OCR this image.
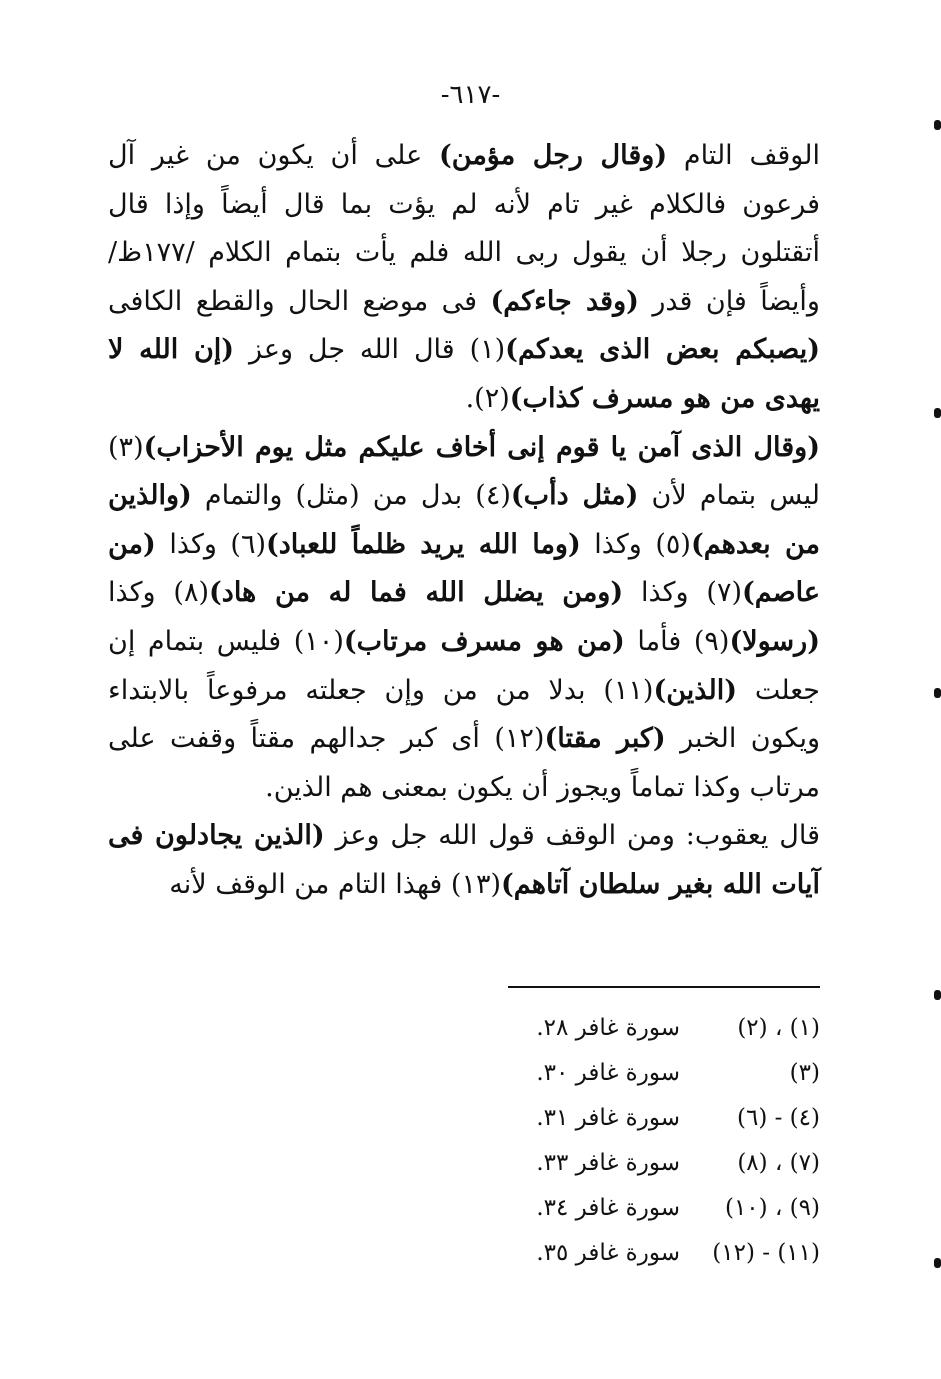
-٦١٧-

الوقف التام (وقال رجل مؤمن) على أن يكون من غير آل فرعون فالكلام غير تام لأنه لم يؤت بما قال أيضاً وإذا قال أتقتلون رجلا أن يقول ربى الله فلم يأت بتمام الكلام /١٧٧ظ/ وأيضاً فإن قدر (وقد جاءكم) فى موضع الحال والقطع الكافى (يصبكم بعض الذى يعدكم)(١) قال الله جل وعز (إن الله لا يهدى من هو مسرف كذاب)(٢).

(وقال الذى آمن يا قوم إنى أخاف عليكم مثل يوم الأحزاب)(٣) ليس بتمام لأن (مثل دأب)(٤) بدل من (مثل) والتمام (والذين من بعدهم)(٥) وكذا (وما الله يريد ظلماً للعباد)(٦) وكذا (من عاصم)(٧) وكذا (ومن يضلل الله فما له من هاد)(٨) وكذا (رسولا)(٩) فأما (من هو مسرف مرتاب)(١٠) فليس بتمام إن جعلت (الذين)(١١) بدلا من من وإن جعلته مرفوعاً بالابتداء ويكون الخبر (كبر مقتا)(١٢) أى كبر جدالهم مقتاً وقفت على مرتاب وكذا تماماً ويجوز أن يكون بمعنى هم الذين.

قال يعقوب: ومن الوقف قول الله جل وعز (الذين يجادلون فى آيات الله بغير سلطان آتاهم)(١٣) فهذا التام من الوقف لأنه

(١) ، (٢)
سورة غافر ٢٨.
(٣)
سورة غافر ٣٠.
(٤) - (٦)
سورة غافر ٣١.
(٧) ، (٨)
سورة غافر ٣٣.
(٩) ، (١٠)
سورة غافر ٣٤.
(١١) - (١٢)
سورة غافر ٣٥.
